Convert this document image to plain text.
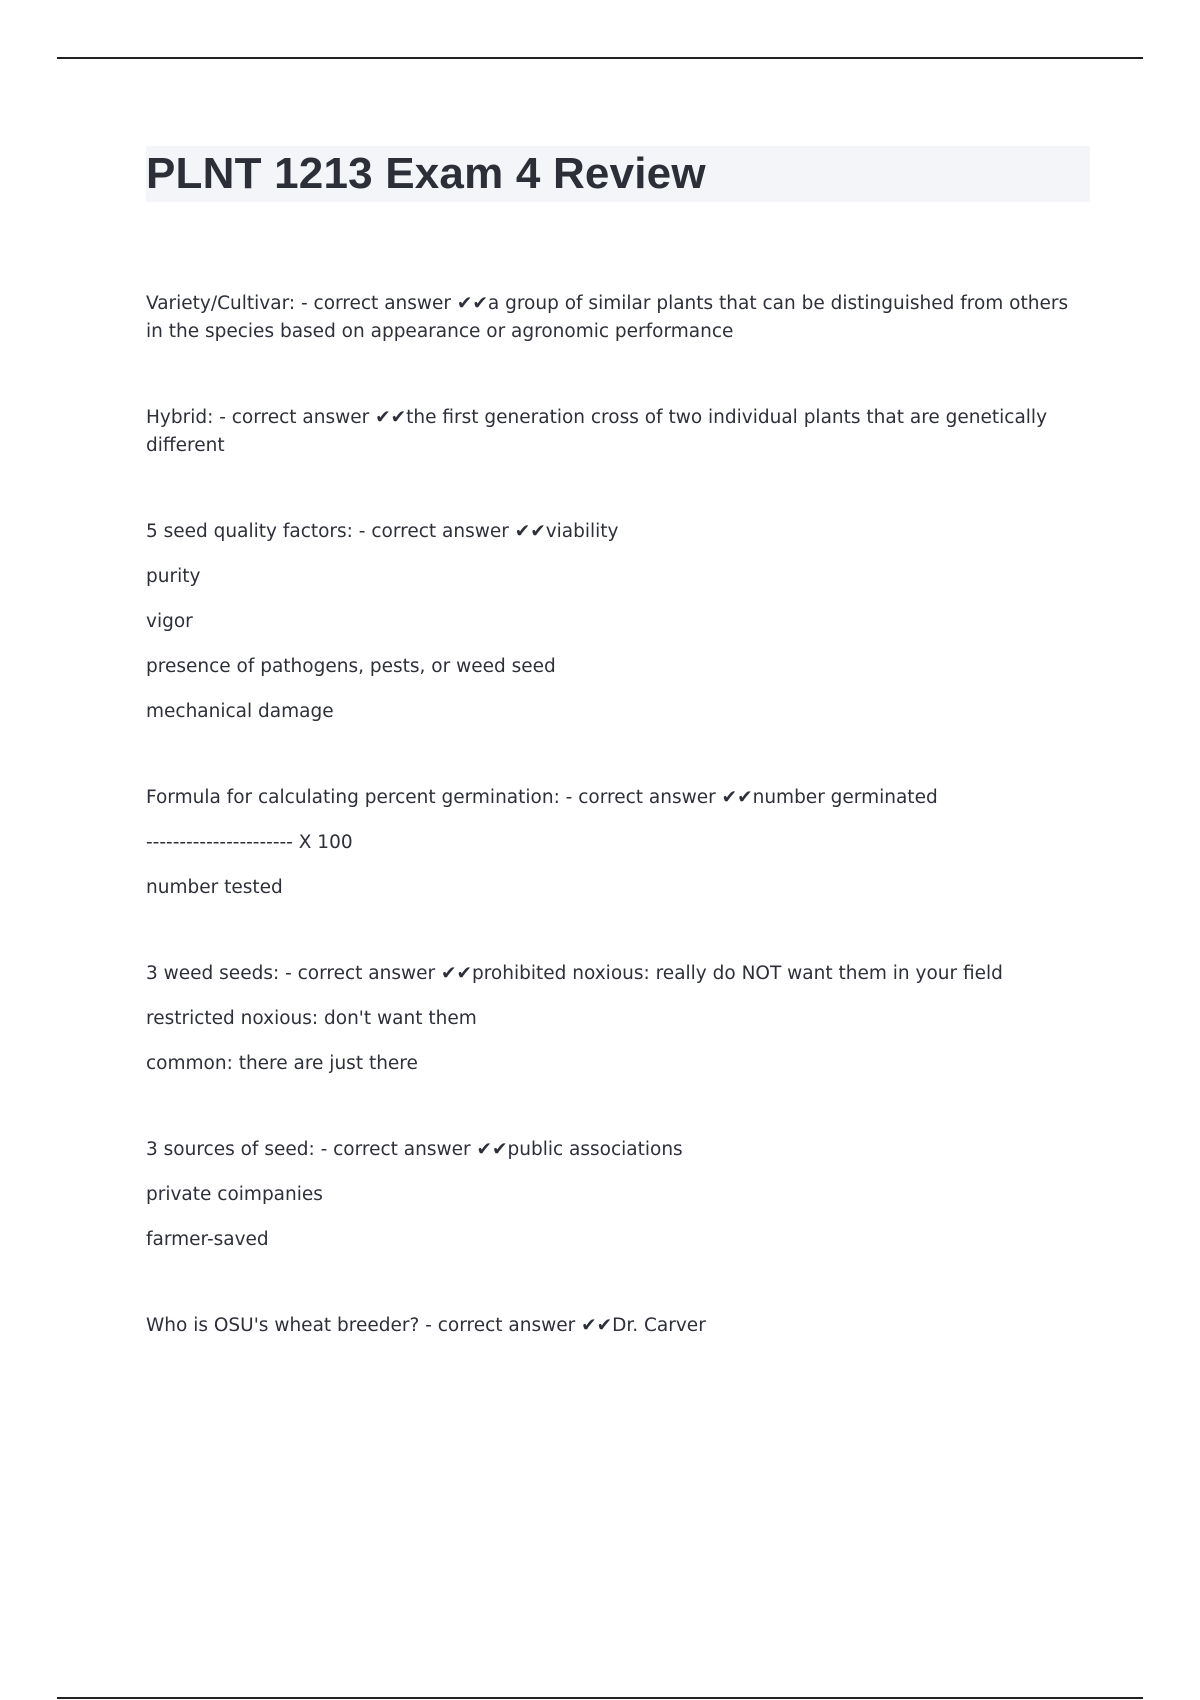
PLNT 1213 Exam 4 Review
Variety/Cultivar: - correct answer ✔✔a group of similar plants that can be distinguished from others in the species based on appearance or agronomic performance
Hybrid: - correct answer ✔✔the first generation cross of two individual plants that are genetically different
5 seed quality factors: - correct answer ✔✔viability
purity
vigor
presence of pathogens, pests, or weed seed
mechanical damage
Formula for calculating percent germination: - correct answer ✔✔number germinated
---------------------- X 100
number tested
3 weed seeds: - correct answer ✔✔prohibited noxious: really do NOT want them in your field
restricted noxious: don't want them
common: there are just there
3 sources of seed: - correct answer ✔✔public associations
private coimpanies
farmer-saved
Who is OSU's wheat breeder? - correct answer ✔✔Dr. Carver
